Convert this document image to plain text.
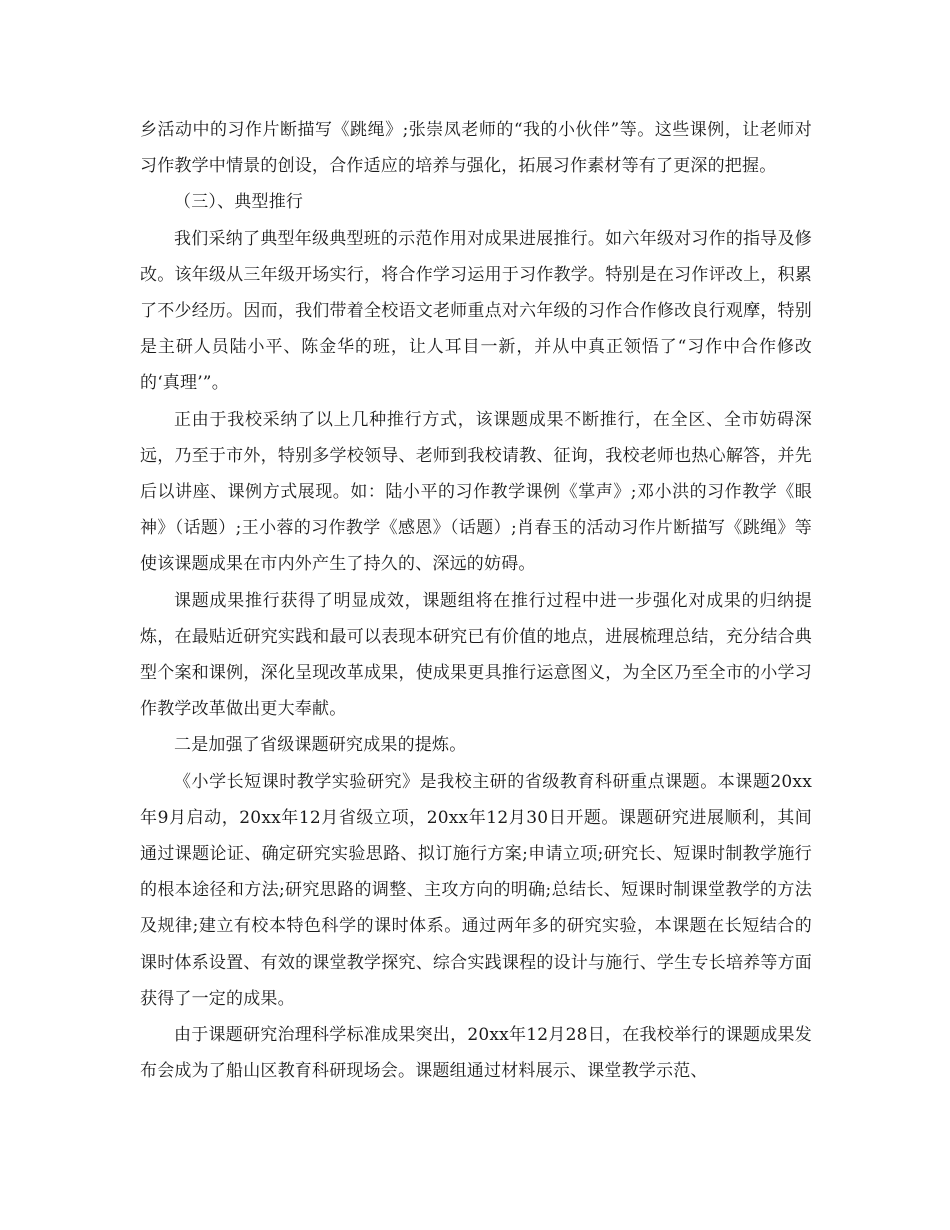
乡活动中的习作片断描写《跳绳》;张崇凤老师的“我的小伙伴”等。这些课例，让老师对习作教学中情景的创设，合作适应的培养与强化，拓展习作素材等有了更深的把握。

（三）、典型推行

我们采纳了典型年级典型班的示范作用对成果进展推行。如六年级对习作的指导及修改。该年级从三年级开场实行，将合作学习运用于习作教学。特别是在习作评改上，积累了不少经历。因而，我们带着全校语文老师重点对六年级的习作合作修改良行观摩，特别是主研人员陆小平、陈金华的班，让人耳目一新，并从中真正领悟了“习作中合作修改的‘真理’”。

正由于我校采纳了以上几种推行方式，该课题成果不断推行，在全区、全市妨碍深远，乃至于市外，特别多学校领导、老师到我校请教、征询，我校老师也热心解答，并先后以讲座、课例方式展现。如：陆小平的习作教学课例《掌声》;邓小洪的习作教学《眼神》（话题）;王小蓉的习作教学《感恩》（话题）;肖春玉的活动习作片断描写《跳绳》等使该课题成果在市内外产生了持久的、深远的妨碍。

课题成果推行获得了明显成效，课题组将在推行过程中进一步强化对成果的归纳提炼，在最贴近研究实践和最可以表现本研究已有价值的地点，进展梳理总结，充分结合典型个案和课例，深化呈现改革成果，使成果更具推行运意图义，为全区乃至全市的小学习作教学改革做出更大奉献。

二是加强了省级课题研究成果的提炼。

《小学长短课时教学实验研究》是我校主研的省级教育科研重点课题。本课题20xx年9月启动，20xx年12月省级立项，20xx年12月30日开题。课题研究进展顺利，其间通过课题论证、确定研究实验思路、拟订施行方案;申请立项;研究长、短课时制教学施行的根本途径和方法;研究思路的调整、主攻方向的明确;总结长、短课时制课堂教学的方法及规律;建立有校本特色科学的课时体系。通过两年多的研究实验，本课题在长短结合的课时体系设置、有效的课堂教学探究、综合实践课程的设计与施行、学生专长培养等方面获得了一定的成果。

由于课题研究治理科学标准成果突出，20xx年12月28日，在我校举行的课题成果发布会成为了船山区教育科研现场会。课题组通过材料展示、课堂教学示范、
